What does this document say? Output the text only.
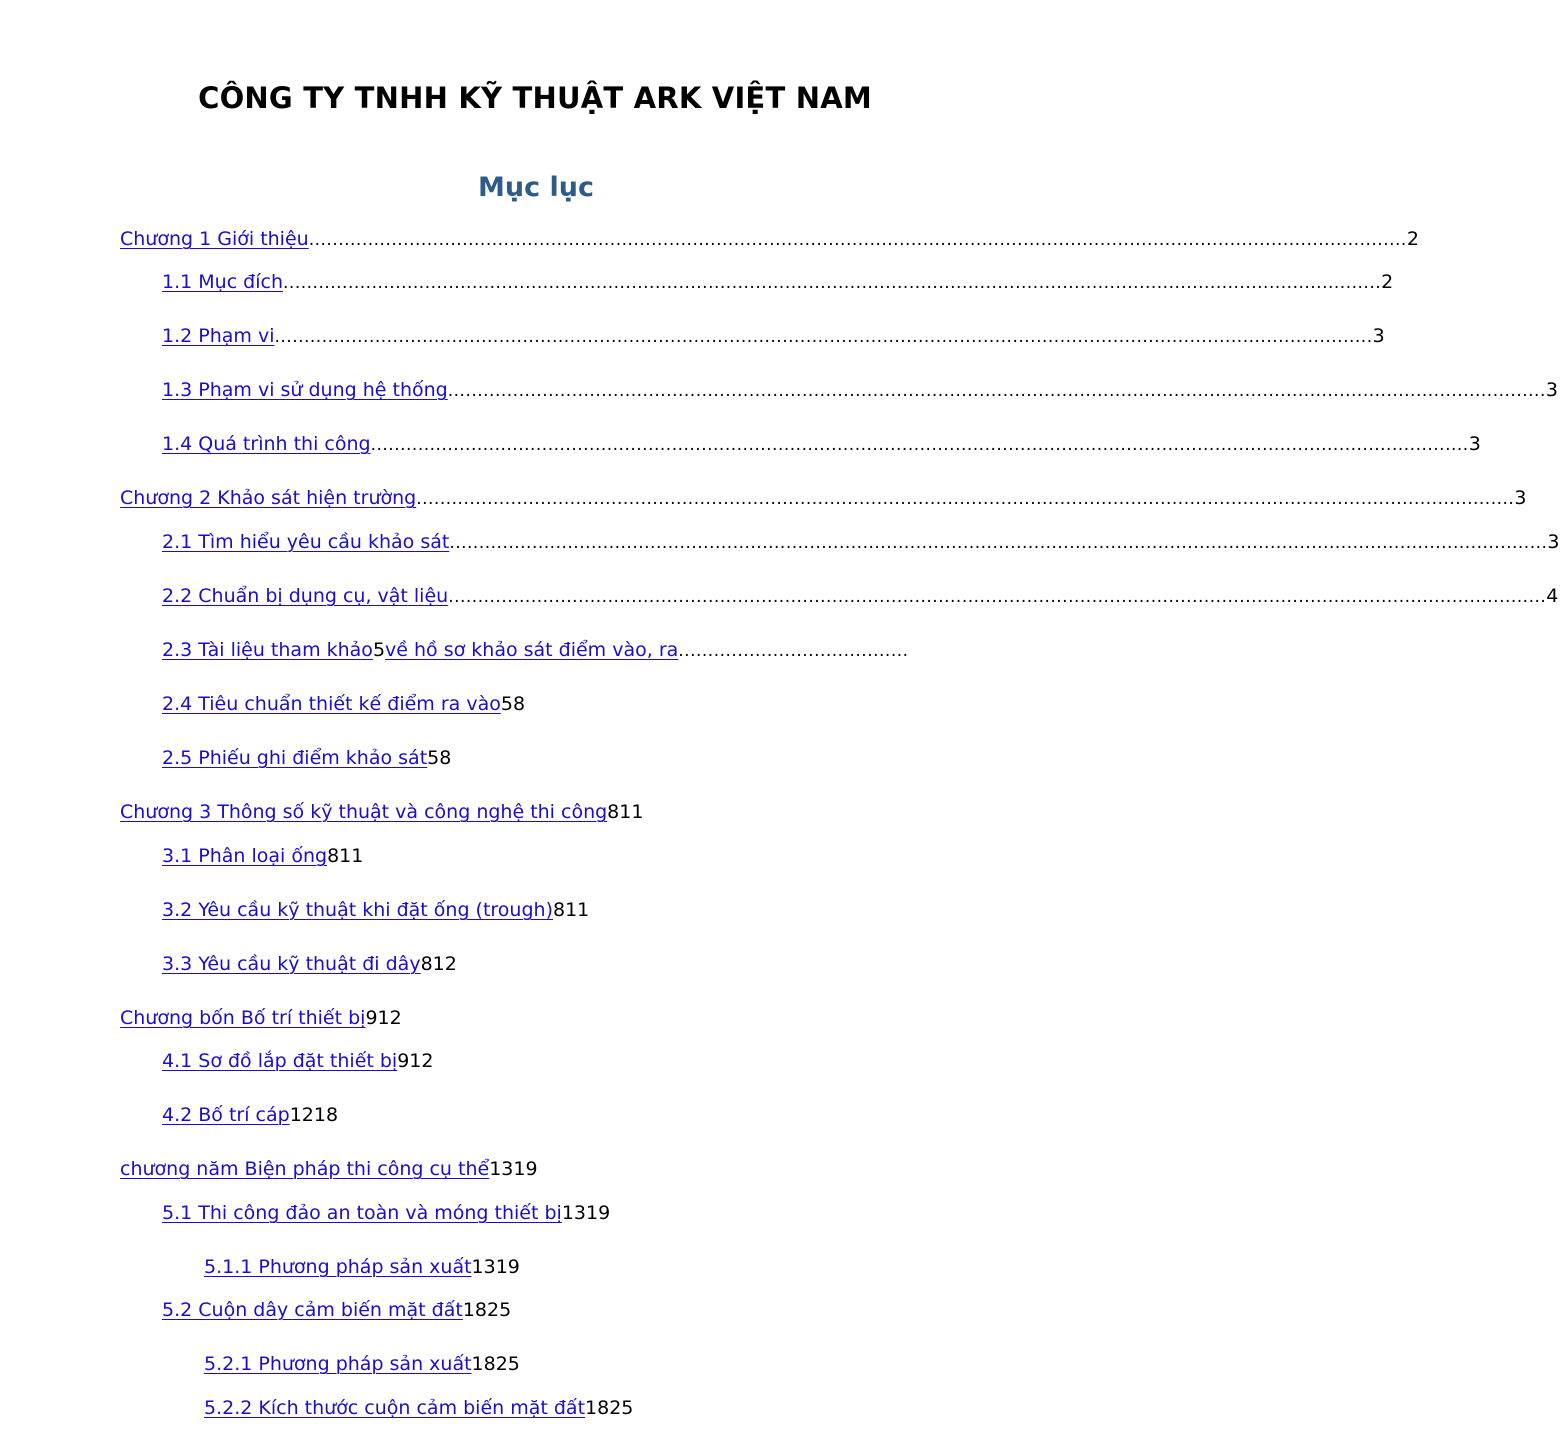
CÔNG TY TNHH KỸ THUẬT ARK VIỆT NAM
Mục lục
Chương 1 Giới thiệu .......................................................................................................................................................................................... 2
1.1 Mục đích .......................................................................................................................................................................................... 2
1.2 Phạm vi .......................................................................................................................................................................................... 3
1.3 Phạm vi sử dụng hệ thống .......................................................................................................................................................................................... 3
1.4 Quá trình thi công .......................................................................................................................................................................................... 3
Chương 2 Khảo sát hiện trường .......................................................................................................................................................................................... 3
2.1 Tìm hiểu yêu cầu khảo sát .......................................................................................................................................................................................... 3
2.2 Chuẩn bị dụng cụ, vật liệu .......................................................................................................................................................................................... 4
2.3 Tài liệu tham khảo 5 về hồ sơ khảo sát điểm vào, ra .......................................
2.4 Tiêu chuẩn thiết kế điểm ra vào 58
2.5 Phiếu ghi điểm khảo sát 58
Chương 3 Thông số kỹ thuật và công nghệ thi công 811
3.1 Phân loại ống 811
3.2 Yêu cầu kỹ thuật khi đặt ống (trough) 811
3.3 Yêu cầu kỹ thuật đi dây 812
Chương bốn Bố trí thiết bị 912
4.1 Sơ đồ lắp đặt thiết bị 912
4.2 Bố trí cáp 1218
chương năm Biện pháp thi công cụ thể 1319
5.1 Thi công đảo an toàn và móng thiết bị 1319
5.1.1 Phương pháp sản xuất 1319
5.2 Cuộn dây cảm biến mặt đất 1825
5.2.1 Phương pháp sản xuất 1825
5.2.2 Kích thước cuộn cảm biến mặt đất 1825
